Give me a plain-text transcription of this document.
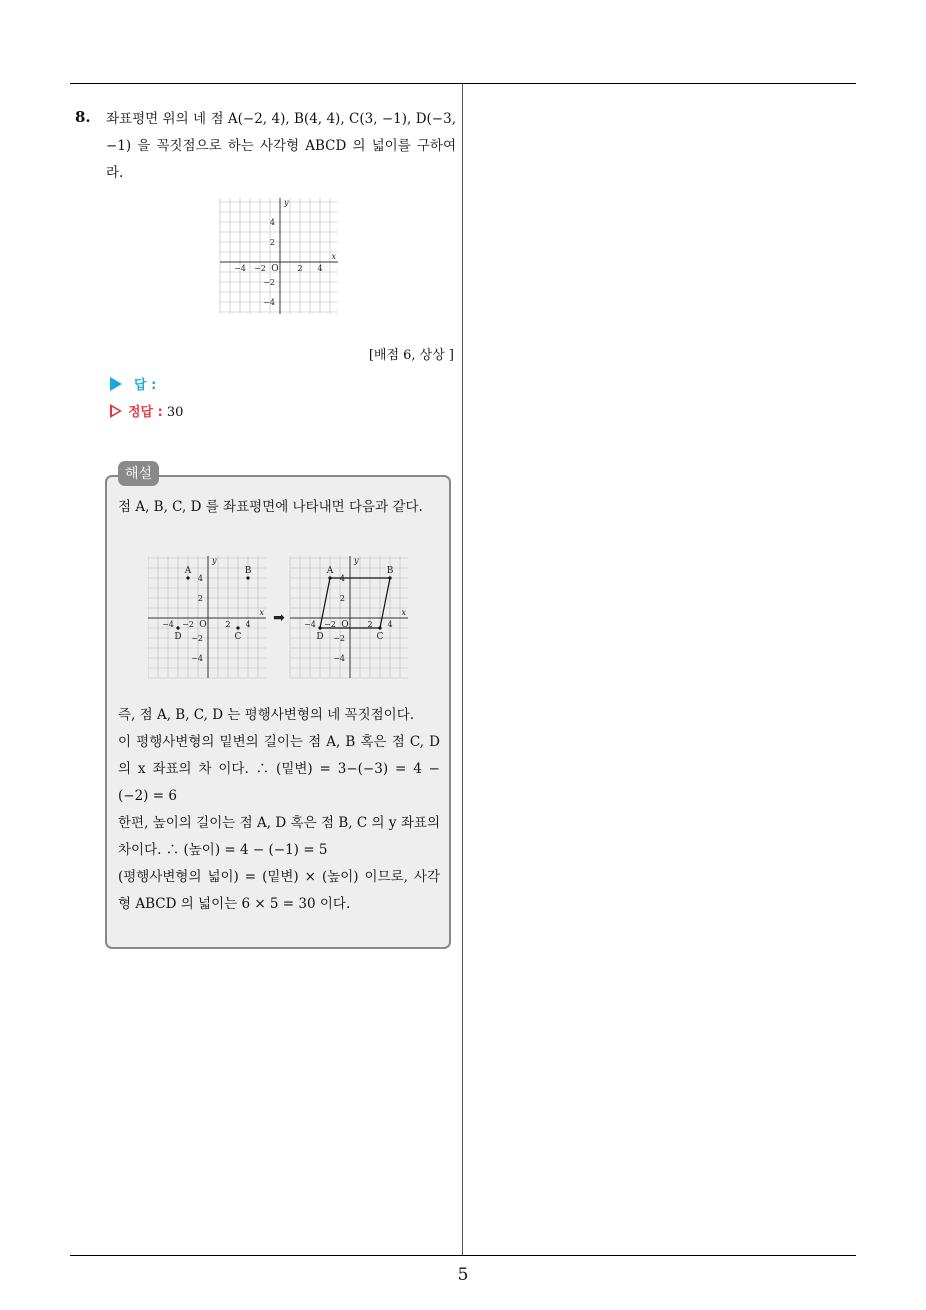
8. 좌표평면 위의 네 점 A(−2, 4), B(4, 4), C(3, −1), D(−3, −1) 을 꼭짓점으로 하는 사각형 ABCD 의 넓이를 구하여라.
y
x
O
−4 −2	2 4
4
2
−2
−4
[배점 6, 상상 ]
답 :
정답 : 30
해설
점 A, B, C, D 를 좌표평면에 나타내면 다음과 같다.
y
x
O
−4 −2	2 4
4
2
−2
−4
A	B
C
D
➡
y
x
O
−4 −2	2 4
4
2
−2
−4
A	B
C
D
즉, 점 A, B, C, D 는 평행사변형의 네 꼭짓점이다.
이 평행사변형의 밑변의 길이는 점 A, B 혹은 점 C, D 의 x 좌표의 차 이다. ∴ (밑변) = 3−(−3) = 4 − (−2) = 6
한편, 높이의 길이는 점 A, D 혹은 점 B, C 의 y 좌표의 차이다. ∴ (높이) = 4 − (−1) = 5
(평행사변형의 넓이) = (밑변) × (높이) 이므로, 사각형 ABCD 의 넓이는 6 × 5 = 30 이다.
5
